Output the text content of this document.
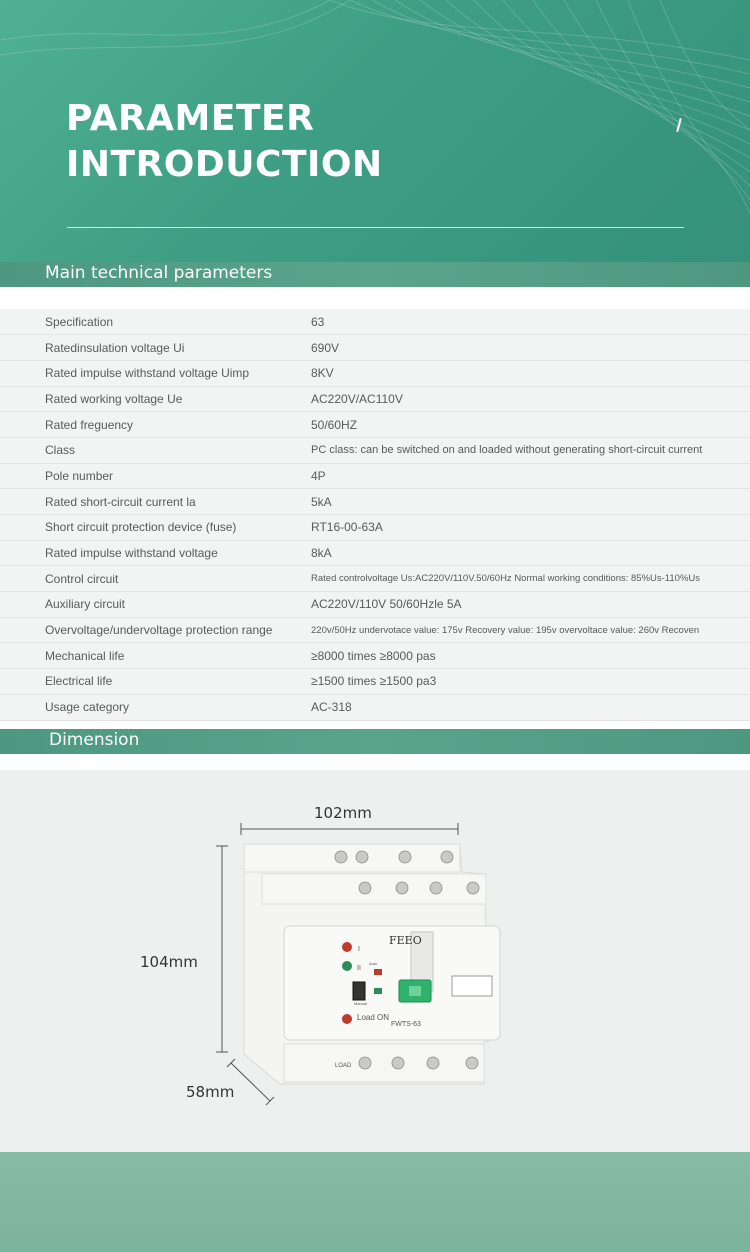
PARAMETER
INTRODUCTION
Main technical parameters
Specification	63
Ratedinsulation voltage Ui	690V
Rated impulse withstand voltage Uimp	8KV
Rated working voltage Ue	AC220V/AC110V
Rated freguency	50/60HZ
Class	PC class: can be switched on and loaded without generating short-circuit current
Pole number	4P
Rated short-circuit current la	5kA
Short circuit protection device (fuse)	RT16-00-63A
Rated impulse withstand voltage	8kA
Control circuit	Rated controlvoltage Us:AC220V/110V.50/60Hz Normal working conditions: 85%Us-110%Us
Auxiliary circuit	AC220V/110V 50/60Hzle 5A
Overvoltage/undervoltage protection range	220v/50Hz undervotace value: 175v Recovery value: 195v overvoltace value: 260v Recoven
Mechanical life	≥8000 times ≥8000 pas
Electrical life	≥1500 times ≥1500 pa3
Usage category	AC-318
Dimension
102mm
104mm
58mm
FEEO
FWTS-63
Load ON
Auto
Manual
I
II
LOAD
